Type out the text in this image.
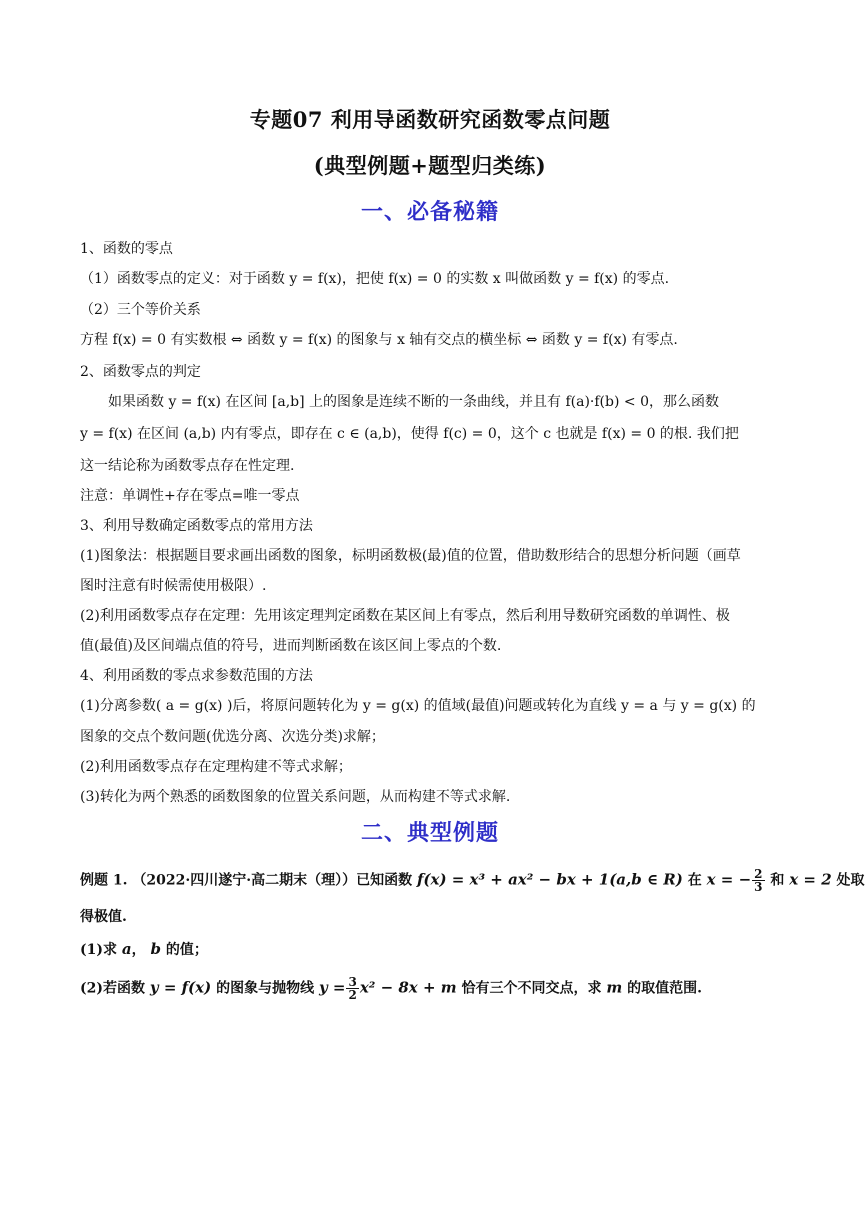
专题07 利用导函数研究函数零点问题
(典型例题+题型归类练)
一、必备秘籍
1、函数的零点
（1）函数零点的定义：对于函数 y = f(x)，把使 f(x) = 0 的实数 x 叫做函数 y = f(x) 的零点.
（2）三个等价关系
方程 f(x) = 0 有实数根 ⇔ 函数 y = f(x) 的图象与 x 轴有交点的横坐标 ⇔ 函数 y = f(x) 有零点.
2、函数零点的判定
如果函数 y = f(x) 在区间 [a,b] 上的图象是连续不断的一条曲线，并且有 f(a)·f(b) < 0，那么函数
y = f(x) 在区间 (a,b) 内有零点，即存在 c ∈ (a,b)，使得 f(c) = 0，这个 c 也就是 f(x) = 0 的根. 我们把
这一结论称为函数零点存在性定理.
注意：单调性+存在零点=唯一零点
3、利用导数确定函数零点的常用方法
(1)图象法：根据题目要求画出函数的图象，标明函数极(最)值的位置，借助数形结合的思想分析问题（画草
图时注意有时候需使用极限）.
(2)利用函数零点存在定理：先用该定理判定函数在某区间上有零点，然后利用导数研究函数的单调性、极
值(最值)及区间端点值的符号，进而判断函数在该区间上零点的个数.
4、利用函数的零点求参数范围的方法
(1)分离参数( a = g(x) )后，将原问题转化为 y = g(x) 的值域(最值)问题或转化为直线 y = a 与 y = g(x) 的
图象的交点个数问题(优选分离、次选分类)求解；
(2)利用函数零点存在定理构建不等式求解；
(3)转化为两个熟悉的函数图象的位置关系问题，从而构建不等式求解.
二、典型例题
例题 1. （2022·四川遂宁·高二期末（理））已知函数 f(x) = x³ + ax² − bx + 1(a,b ∈ R) 在 x = − $\frac{2}{3}$ 和 x = 2 处取
得极值.
(1)求 a， b 的值；
(2)若函数 y = f(x) 的图象与抛物线 $y = \frac{3}{2} x^2 - 8x + m$ 恰有三个不同交点，求 m 的取值范围.
